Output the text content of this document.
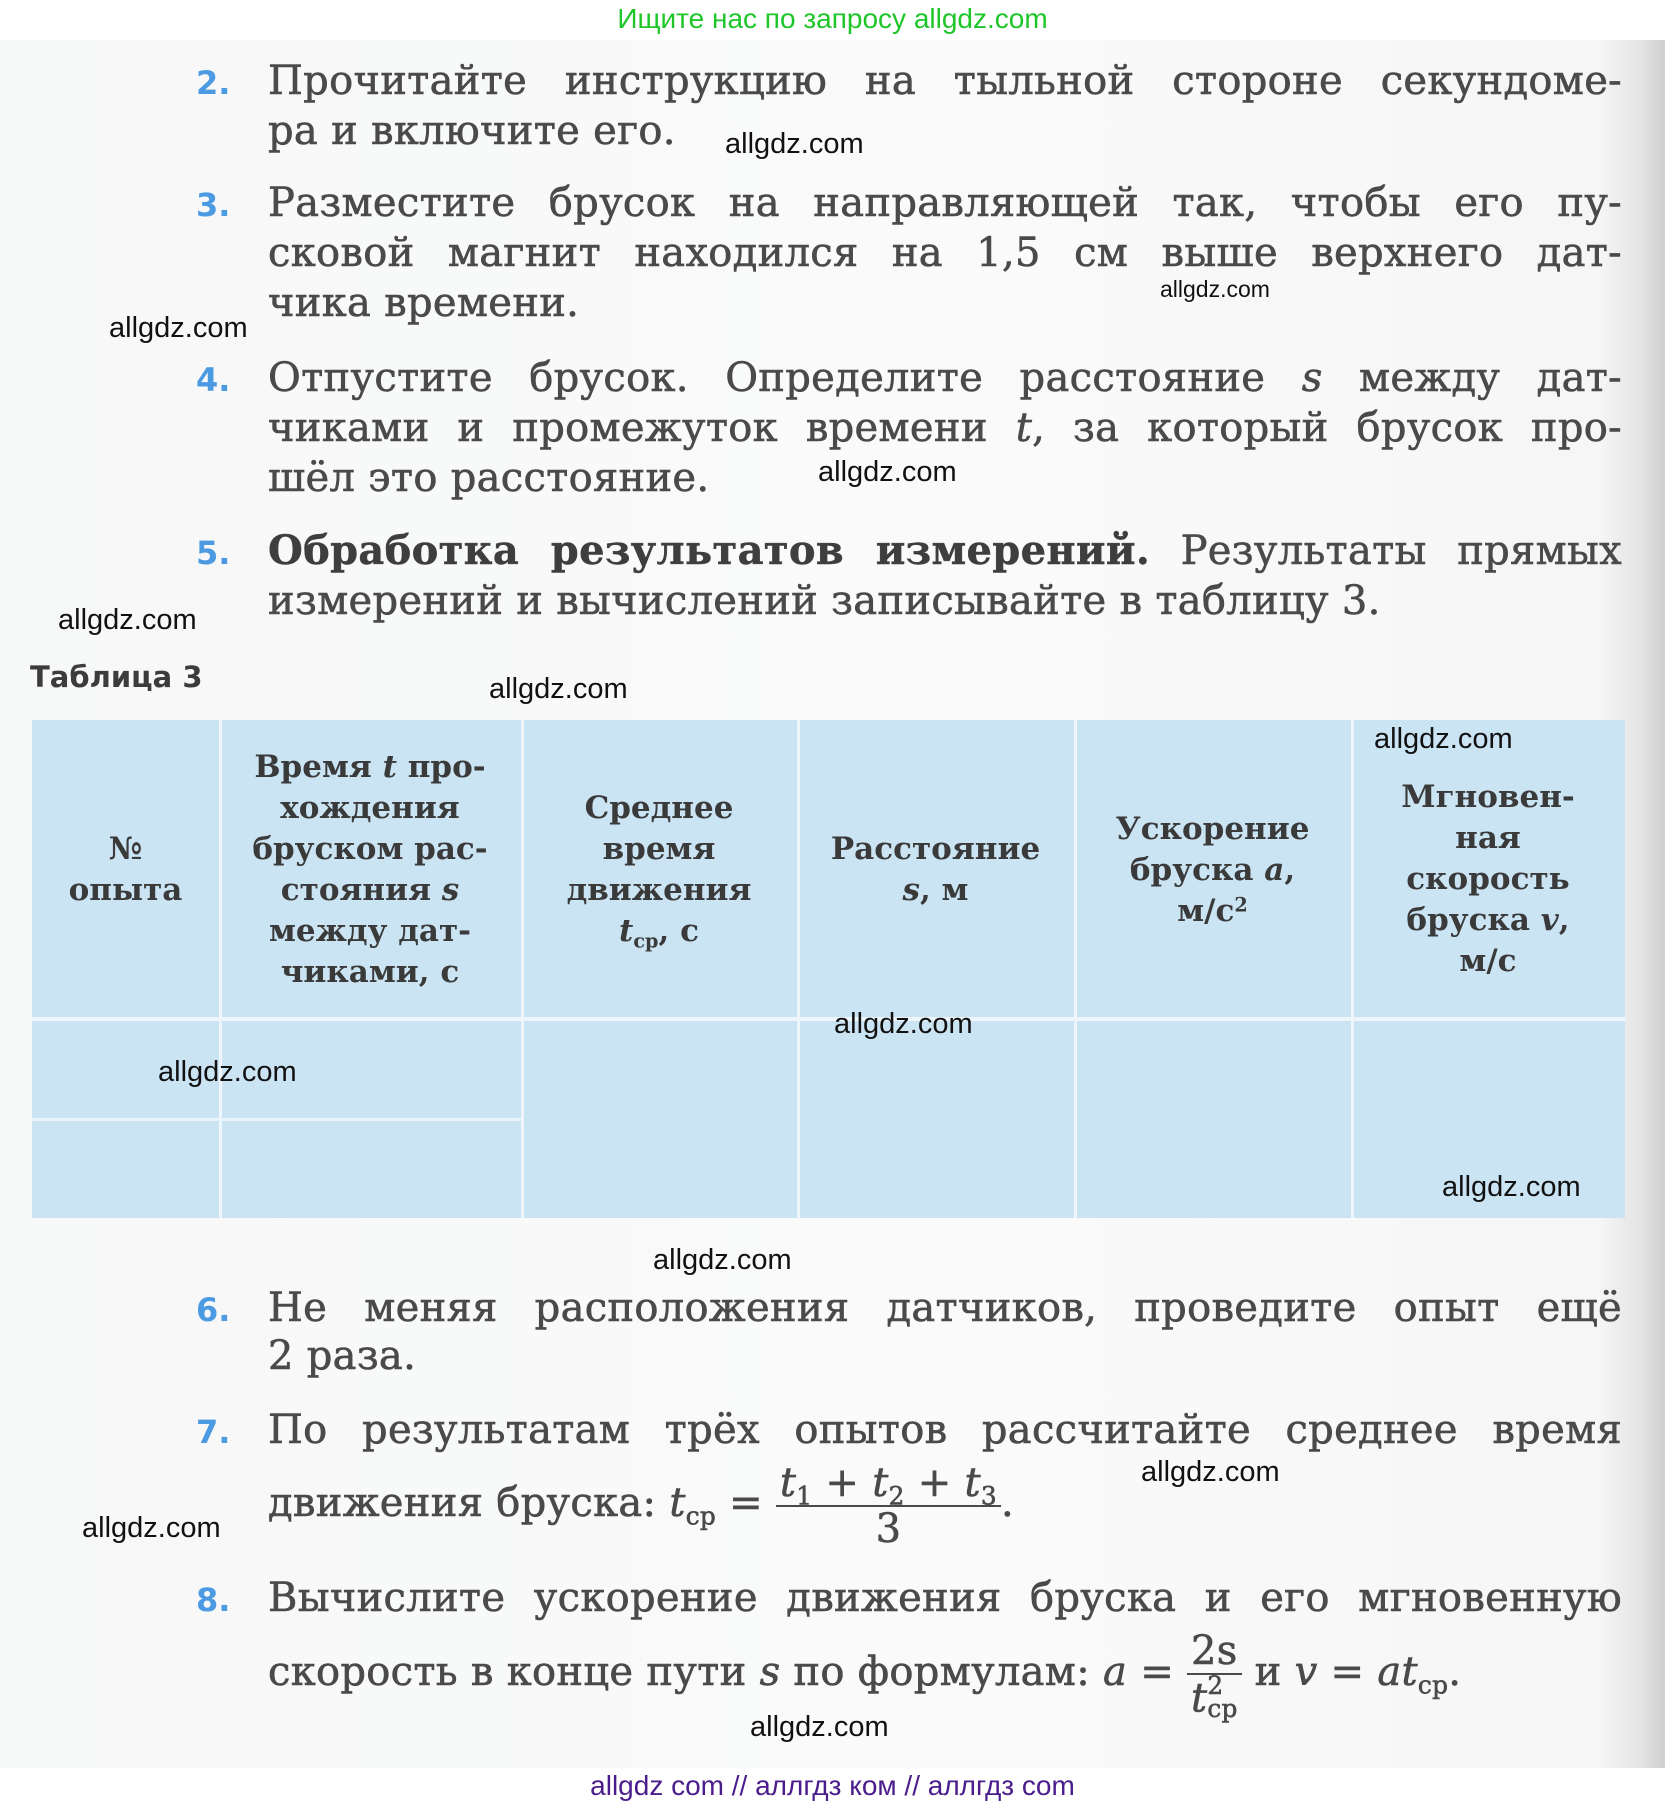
Ищите нас по запросу allgdz.com
2. Прочитайте инструкцию на тыльной стороне секундоме-
ра и включите его.
3. Разместите брусок на направляющей так, чтобы его пу-
сковой магнит находился на 1,5 см выше верхнего дат-
чика времени.
4. Отпустите брусок. Определите расстояние s между дат-
чиками и промежуток времени t, за который брусок про-
шёл это расстояние.
5. Обработка результатов измерений. Результаты прямых
измерений и вычислений записывайте в таблицу 3.
Таблица 3
№
опыта
Время t про-
хождения
бруском рас-
стояния s
между дат-
чиками, с
Среднее
время
движения
$t_{ср}$, с
Расстояние
s, м
Ускорение
бруска a,
$м/с^2$
Мгновен-
ная
скорость
бруска v,
м/с
6. Не меняя расположения датчиков, проведите опыт ещё
2 раза.
7. По результатам трёх опытов рассчитайте среднее время
движения бруска: $t_{ср} = \frac{t_1 + t_2 + t_3}{3}$ .
8. Вычислите ускорение движения бруска и его мгновенную
скорость в конце пути s по формулам: a = 2s
t 2
ср и $v = at_{ср}$.
allgdz.com
allgdz.com
allgdz.com
allgdz.com
allgdz.com
allgdz.com
allgdz.com
allgdz.com
allgdz.com
allgdz.com
allgdz.com
allgdz.com
allgdz.com
allgdz.com
allgdz com // аллгдз ком // аллгдз com
